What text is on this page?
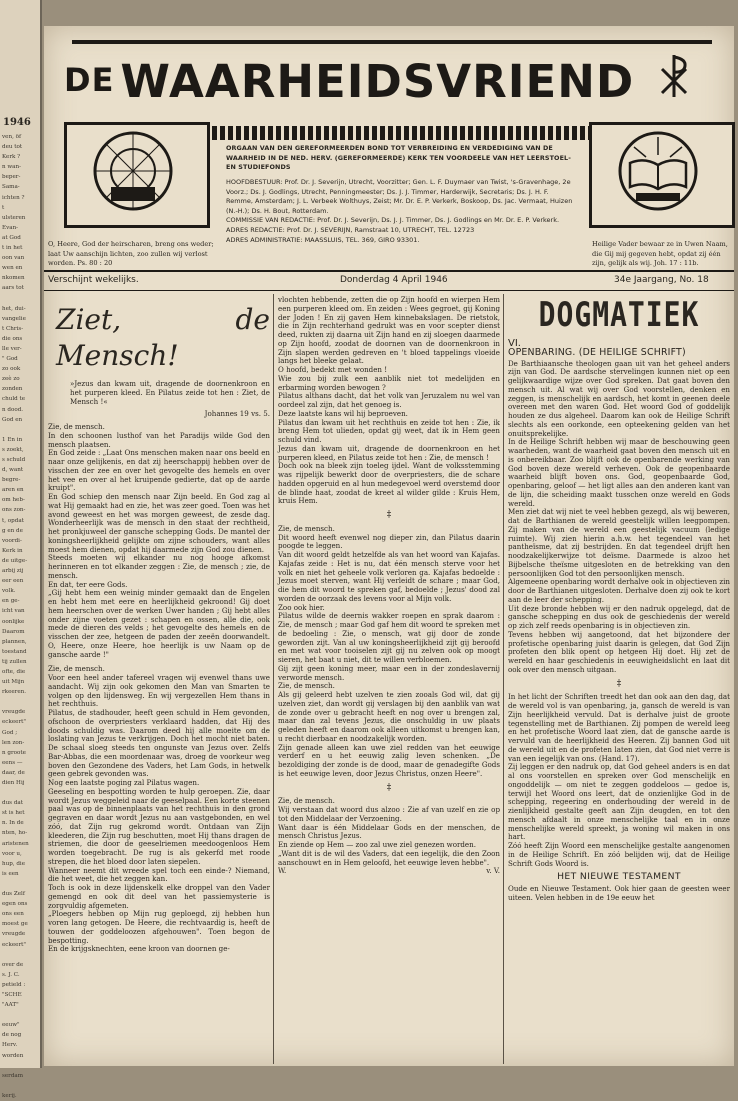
1946
ven, öf
deu tot
Kerk ?
n wan-
beper-
Sama-
ichten ?
t
ulsteren
Evan-
at God
t in het
oon van
wen en
nkomen
aars tot
het, dui-
vangelie
t Chris-
die ons
lle ver-
" God
zo ook
zeè zo
zonden
chuld te
n dood.
God en
1 En in
s zoekt,
s schuld
d, want
begre-
aren en
om heb-
ons zon-
t, opdat
g en de
voordi-
Kerk in
de uitge-
arbij zij
eer een
volk.
en ge-
icht van
oonlijke
Daarom
plannen,
toestand
tij zullen
ofte, die
uit Mijn
rkeeren.
vreugde
eckeert"
God ;
len zon-
n groote
eens —
daar, de
dien Hij
dus dat
st is het
n. In de
nten, ho-
aristenen
voor u,
hup, die
is een
dus Zelf
egen ons
ons een
moest ge
vreugde
eckeert"
over de
s. J. C.
petield :
"SCHE
"AAT"
eeuw"
de nog
Herv.
worden
serdam
kerij.
DE WAARHEIDSVRIEND
ORGAAN VAN DEN GEREFORMEERDEN BOND TOT VERBREIDING EN VERDEDIGING VAN DE WAARHEID IN DE NED. HERV. (GEREFORMEERDE) KERK TEN VOORDEELE VAN HET LEERSTOEL- EN STUDIEFONDS
HOOFDBESTUUR: Prof. Dr. J. Severijn, Utrecht, Voorzitter; Gen. L. F. Duymaer van Twist, 's-Gravenhage, 2e Voorz.; Ds. J. Godlings, Utrecht, Penningmeester; Ds. J. J. Timmer, Harderwijk, Secretaris; Ds. J. H. F. Remme, Amsterdam; J. L. Verbeek Wolthuys, Zeist; Mr. Dr. E. P. Verkerk, Boskoop, Ds. Jac. Vermaat, Huizen (N.-H.); Ds. H. Bout, Rotterdam.
COMMISSIE VAN REDACTIE: Prof. Dr. J. Severijn, Ds. J. J. Timmer, Ds. J. Godlings en Mr. Dr. E. P. Verkerk.
ADRES REDACTIE: Prof. Dr. J. SEVERIJN, Ramstraat 10, UTRECHT, TEL. 12723
ADRES ADMINISTRATIE: MAASSLUIS, TEL. 369, GIRO 93301.
O, Heere, God der heirscharen, breng ons weder; laat Uw aanschijn lichten, zoo zullen wij verlost worden. Ps. 80 : 20
Heilige Vader bewaar ze in Uwen Naam, die Gij mij gegeven hebt, opdat zij één zijn, gelijk als wij. Joh. 17 : 11b.
Verschijnt wekelijks.	Donderdag 4 April 1946	34e Jaargang, No. 18
Ziet, de Mensch!

»Jezus dan kwam uit, dragende de doornenkroon en het purperen kleed. En Pilatus zeide tot hen : Ziet, de Mensch !«

Johannes 19 vs. 5.

Zie, de mensch.

In den schoonen lusthof van het Paradijs wilde God den mensch plaatsen.

En God zeide : „Laat Ons menschen maken naar ons beeld en naar onze gelijkenis, en dat zij heerschappij hebben over de visschen der zee en over het gevogelte des hemels en over het vee en over al het kruipende gedierte, dat op de aarde kruipt".

En God schiep den mensch naar Zijn beeld. En God zag al wat Hij gemaakt had en zie, het was zeer goed. Toen was het avond geweest en het was morgen geweest, de zesde dag. Wonderheerlijk was de mensch in den staat der rechtheid, het pronkjuweel der gansche schepping Gods. De mantel der koningsheerlijkheid gelijkte om zijne schouders, want alles moest hem dienen, opdat hij daarmede zijn God zou dienen.

Steeds moeten wij elkander nu nog hooge afkomst herinneren en tot elkander zeggen : Zie, de mensch ; zie, de mensch.

En dat, ter eere Gods.

„Gij hebt hem een weinig minder gemaakt dan de Engelen en hebt hem met eere en heerlijkheid gekroond! Gij doet hem heerschen over de werken Uwer handen ; Gij hebt alles onder zijne voeten gezet : schapen en ossen, alle die, ook mede de dieren des velds ; het gevogelte des hemels en de visschen der zee, hetgeen de paden der zeeën doorwandelt. O, Heere, onze Heere, hoe heerlijk is uw Naam op de gansche aarde !"

Zie, de mensch.

Voor een heel ander tafereel vragen wij evenwel thans uwe aandacht. Wij zijn ook gekomen den Man van Smarten te volgen op den lijdensweg. En wij vergezellen Hem thans in het rechthuis.

Pilatus, de stadhouder, heeft geen schuld in Hem gevonden, ofschoon de overpriesters verklaard hadden, dat Hij des doods schuldig was. Daarom deed hij alle moeite om de loslating van Jezus te verkrijgen. Doch het mocht niet baten. De schaal sloeg steeds ten ongunste van Jezus over. Zelfs Bar-Abbas, die een moordenaar was, droeg de voorkeur weg boven den Gezondene des Vaders, het Lam Gods, in hetwelk geen gebrek gevonden was.

Nog een laatste poging zal Pilatus wagen.

Geeseling en bespotting worden te hulp geroepen. Zie, daar wordt Jezus weggeleid naar de geeselpaal. Een korte steenen paal was op de binnenplaats van het rechthuis in den grond gegraven en daar wordt Jezus nu aan vastgebonden, en wel zóó, dat Zijn rug gekromd wordt. Ontdaan van Zijn kleederen, die Zijn rug beschutten, moet Hij thans dragen de striemen, die door de geeselriemen meedoogenloos Hem worden toegebracht. De rug is als gekerfd met roode strepen, die het bloed door laten siepelen.

Wanneer neemt dit wreede spel toch een einde-? Niemand, die het weet, die het zeggen kan.

Toch is ook in deze lijdenskelk elke droppel van den Vader gemengd en ook dit deel van het passiemysterie is zorgvuldig afgemeten.

„Ploegers hebben op Mijn rug geploegd, zij hebben hun voren lang getogen. De Heere, die rechtvaardig is, heeft de touwen der goddeloozen afgehouwen". Toen begon de bespotting.

En de krijgsknechten, eene kroon van doornen ge-

vlochten hebbende, zetten die op Zijn hoofd en wierpen Hem een purperen kleed om. En zeiden : Wees gegroet, gij Koning der Joden ! En zij gaven Hem kinnebakslagen. De rietstok, die in Zijn rechterhand gedrukt was en voor scepter dienst deed, rukten zij daarna uit Zijn hand en zij sloegen daarmede op Zijn hoofd, zoodat de doornen van de doornenkroon in Zijn slapen werden gedreven en 't bloed tappelings vloeide langs het bleeke gelaat.

O hoofd, bedekt met wonden !

Wie zou bij zulk een aanblik niet tot medelijden en erbarming worden bewogen ?

Pilatus althans dacht, dat het volk van Jeruzalem nu wel van oordeel zal zijn, dat het genoeg is.

Deze laatste kans wil hij beproeven.

Pilatus dan kwam uit het rechthuis en zeide tot hen : Zie, ik breng Hem tot ulieden, opdat gij weet, dat ik in Hem geen schuld vind.

Jezus dan kwam uit, dragende de doornenkroon en het purperen kleed, en Pilatus zeide tot hen : Zie, de mensch !

Doch ook na bleek zijn toeleg ijdel. Want de volksstemming was rijpelijk bewerkt door de overpriesters, die de schare hadden opgeruid en al hun medegevoel werd overstemd door de blinde haat, zoodat de kreet al wilder gilde : Kruis Hem, kruis Hem.

‡

Zie, de mensch.

Dit woord heeft evenwel nog dieper zin, dan Pilatus daarin poogde te leggen.

Van dit woord geldt hetzelfde als van het woord van Kajafas. Kajafas zeide : Het is nu, dat één mensch sterve voor het volk en niet het geheele volk verloren ga. Kajafas bedoelde : Jezus moet sterven, want Hij verleidt de schare ; maar God, die hem dit woord te spreken gaf, bedoelde ; Jezus' dood zal worden de oorzaak des levens voor al Mijn volk.

Zoo ook hier.

Pilatus wilde de deernis wakker roepen en sprak daarom : Zie, de mensch ; maar God gaf hem dit woord te spreken met de bedoeling : Zie, o mensch, wat gij door de zonde geworden zijt. Van al uw koningsheerlijkheid zijt gij beroofd en met wat voor tooiselen zijt gij nu zelven ook op moogt sieren, het baat u niet, dit te willen verbloemen.

Gij zijt geen koning meer, maar een in der zondeslavernij verworde mensch.

Zie, de mensch.

Als gij geleerd hebt uzelven te zien zooals God wil, dat gij uzelven ziet, dan wordt gij verslagen bij den aanblik van wat de zonde over u gebracht heeft en nog over u brengen zal, maar dan zal tevens Jezus, die onschuldig in uw plaats geleden heeft en daarom ook alleen uitkomst u brengen kan, u recht dierbaar en noodzakelijk worden.

Zijn genade alleen kan uwe ziel redden van het eeuwige verderf en u het eeuwig zalig leven schenken. „De bezoldiging der zonde is de dood, maar de genadegifte Gods is het eeuwige leven, door Jezus Christus, onzen Heere".

‡

Zie, de mensch.

Wij verstaan dat woord dus alzoo : Zie af van uzelf en zie op tot den Middelaar der Verzoening.

Want daar is één Middelaar Gods en der menschen, de mensch Christus Jezus.

En ziende op Hem — zoo zal uwe ziel genezen worden.

„Want dit is de wil des Vaders, dat een iegelijk, die den Zoon aanschouwt en in Hem geloofd, het eeuwige leven hebbe".

W.	v. V.

DOGMATIEK

VI.

OPENBARING. (DE HEILIGE SCHRIFT)

De Barthiaansche theologen gaan uit van het geheel anders zijn van God. De aardsche stervelingen kunnen niet op een gelijkwaardige wijze over God spreken. Dat gaat boven den mensch uit. Al wat wij over God voorstellen, denken en zeggen, is menschelijk en aardsch, het komt in geenen deele overeen met den waren God. Het woord God of goddelijk houden ze dus algeheel. Daarom kan ook de Heilige Schrift slechts als een oorkonde, een opteekening gelden van het onuitsprekelijke.

In de Heilige Schrift hebben wij maar de beschouwing geen waarheden, want de waarheid gaat boven den mensch uit en is onbereikbaar. Zoo blijft ook de openbarende werking van God boven deze wereld verheven. Ook de geopenbaarde waarheid blijft boven ons. God, geopenbaarde God, openbaring, geloof — het ligt alles aan den anderen kant van de lijn, die scheiding maakt tusschen onze wereld en Gods wereld.

Men ziet dat wij niet te veel hebben gezegd, als wij beweren, dat de Barthianen de wereld geestelijk willen leegpompen. Zij maken van de wereld een geestelijk vacuum (ledige ruimte). Wij zien hierin a.h.w. het tegendeel van het pantheïsme, dat zij bestrijden. En dat tegendeel drijft hen noodzakelijkerwijze tot deïsme. Daarmede is alzoo het Bijbelsche theïsme uitgesloten en de betrekking van den persoonlijken God tot den persoonlijken mensch.

Algemeene openbaring wordt derhalve ook in objectieven zin door de Barthianen uitgesloten. Derhalve doen zij ook te kort aan de leer der schepping.

Uit deze bronde hebben wij er den nadruk opgelegd, dat de gansche schepping en dus ook de geschiedenis der wereld op zich zelf reeds openbaring is in objectieven zin.

Tevens hebben wij aangetoond, dat het bijzondere der profetische openbaring juist daarin is gelegen, dat God Zijn profeten den blik opent op hetgeen Hij doet. Hij zet de wereld en haar geschiedenis in eeuwigheidslicht en laat dit ook over den mensch uitgaan.

‡

In het licht der Schriften treedt het dan ook aan den dag, dat de wereld vol is van openbaring, ja, gansch de wereld is van Zijn heerlijkheid vervuld. Dat is derhalve juist de groote tegenstelling met de Barthianen. Zij pompen de wereld leeg en het profetische Woord laat zien, dat de gansche aarde is vervuld van de heerlijkheid des Heeren. Zij bannen God uit de wereld uit en de profeten laten zien, dat God niet verre is van een iegelijk van ons. (Hand. 17).

Zij leggen er den nadruk op, dat God geheel anders is en dat al ons voorstellen en spreken over God menschelijk en ongoddelijk — om niet te zeggen goddeloos — gedoe is, terwijl het Woord ons leert, dat de onzienlijke God in de schepping, regeering en onderhouding der wereld in de zienlijkheid gestalte geeft aan Zijn deugden, en tot den mensch afdaalt in onze menschelijke taal en in onze menschelijke wereld spreekt, ja woning wil maken in ons hart.

Zóó heeft Zijn Woord een menschelijke gestalte aangenomen in de Heilige Schrift. En zóó belijden wij, dat de Heilige Schrift Gods Woord is.

HET NIEUWE TESTAMENT

Oude en Nieuwe Testament. Ook hier gaan de geesten weer uiteen. Velen hebben in de 19e eeuw het
